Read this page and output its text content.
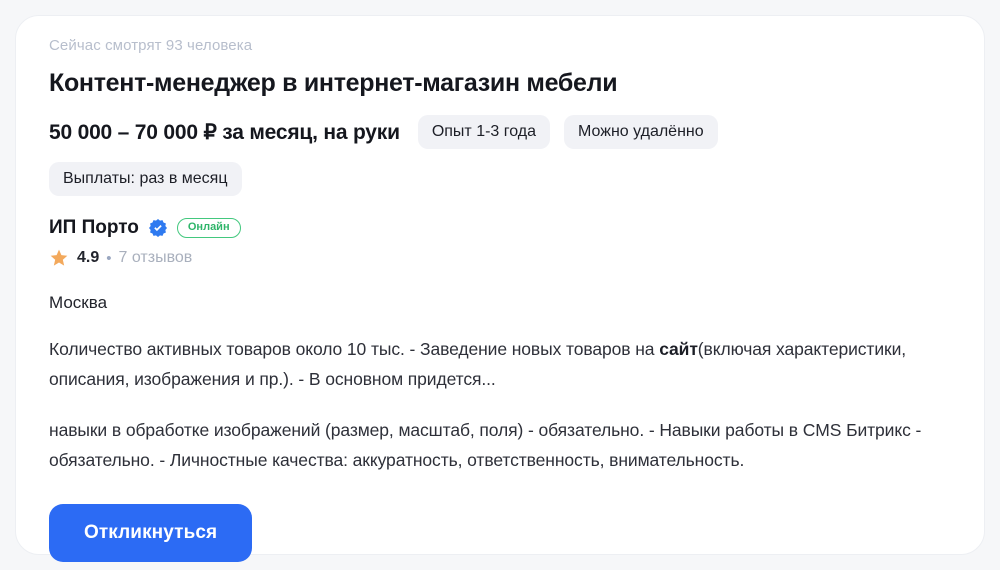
Сейчас смотрят 93 человека
Контент-менеджер в интернет-магазин мебели
50 000 – 70 000 ₽ за месяц, на руки	Опыт 1-3 года	Можно удалённо
Выплаты: раз в месяц
ИП Порто	Онлайн
4.9 • 7 отзывов
Москва

Количество активных товаров около 10 тыс. - Заведение новых товаров на сайт(включая характеристики, описания, изображения и пр.). - В основном придется...

навыки в обработке изображений (размер, масштаб, поля) - обязательно. - Навыки работы в CMS Битрикс - обязательно. - Личностные качества: аккуратность, ответственность, внимательность.

Откликнуться
